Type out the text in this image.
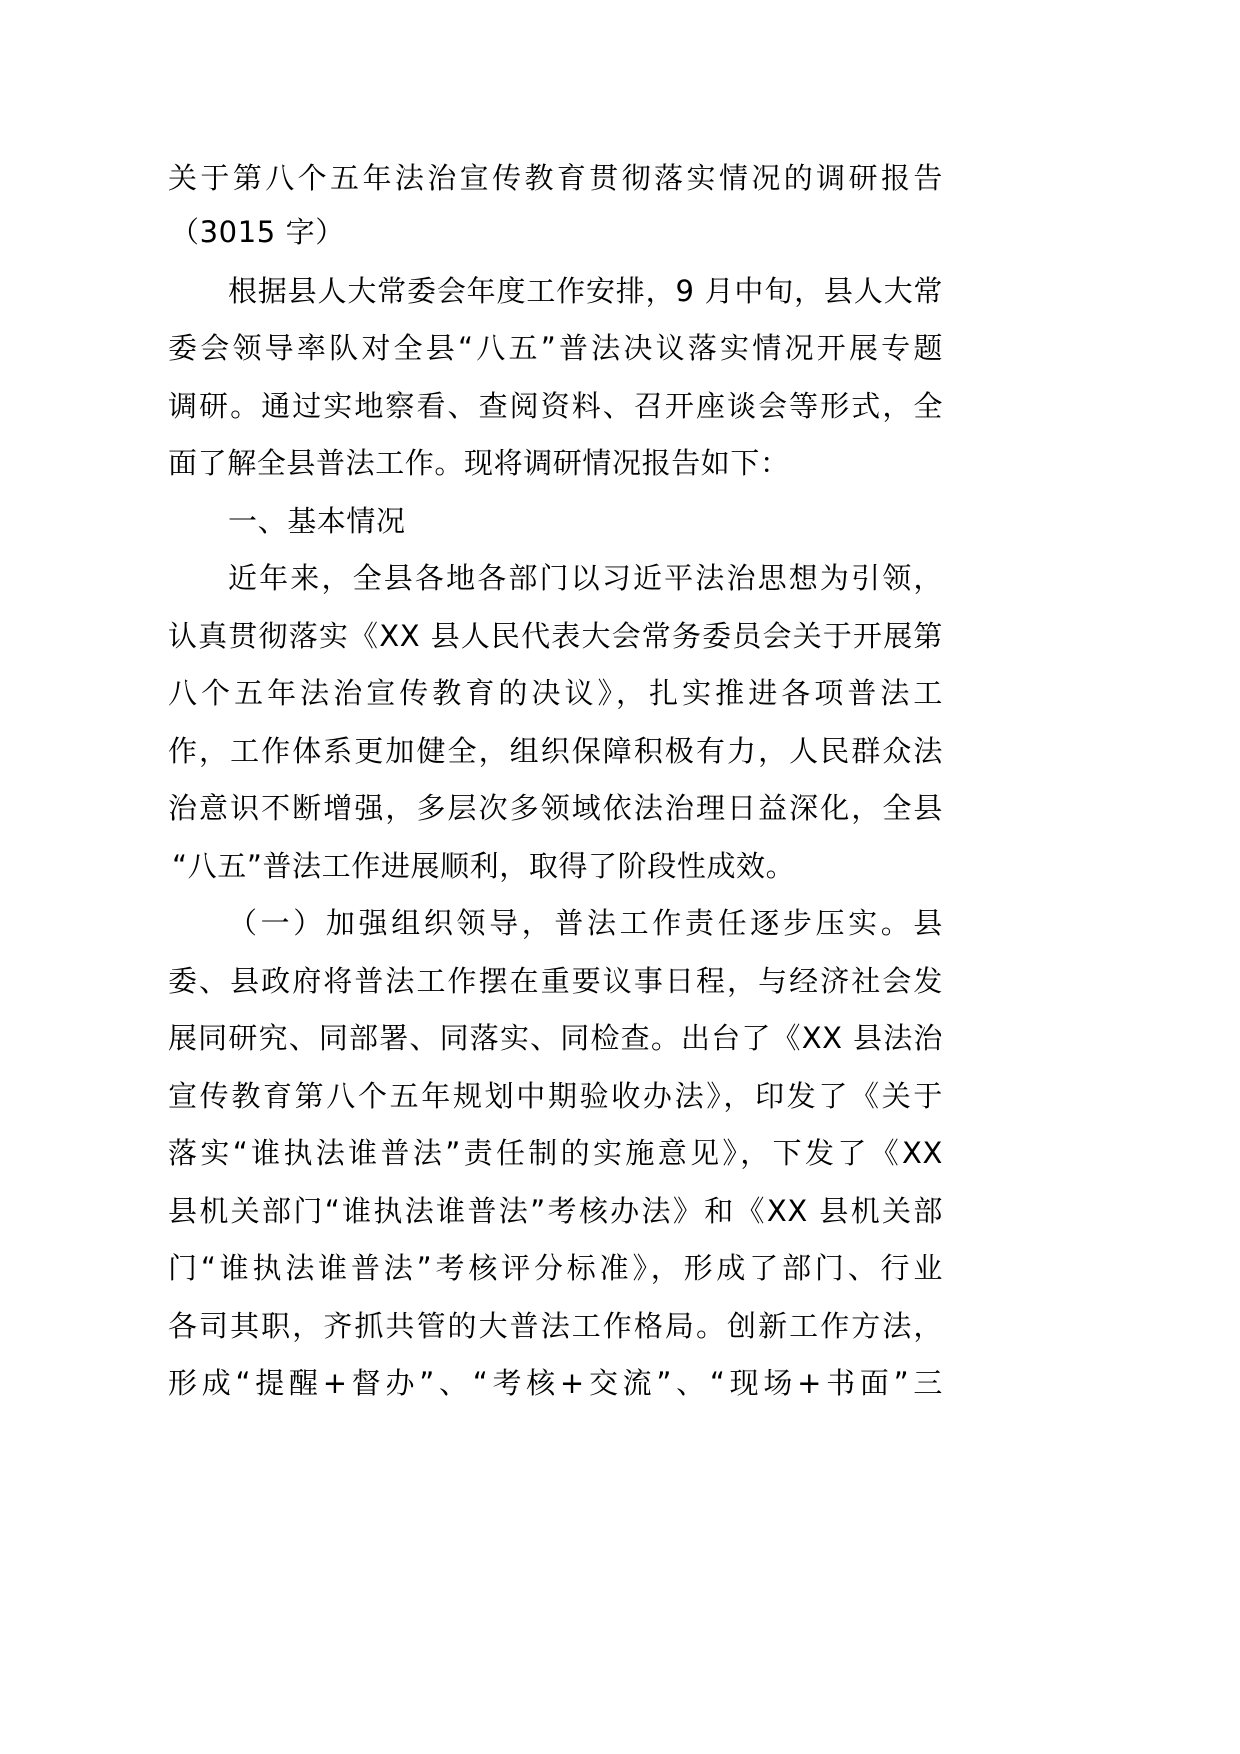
关于第八个五年法治宣传教育贯彻落实情况的调研报告
（3015 字）
根据县人大常委会年度工作安排，9 月中旬，县人大常
委会领导率队对全县“八五”普法决议落实情况开展专题
调研。通过实地察看、查阅资料、召开座谈会等形式，全
面了解全县普法工作。现将调研情况报告如下：
一、基本情况
近年来，全县各地各部门以习近平法治思想为引领，
认真贯彻落实《XX 县人民代表大会常务委员会关于开展第
八个五年法治宣传教育的决议》，扎实推进各项普法工
作，工作体系更加健全，组织保障积极有力，人民群众法
治意识不断增强，多层次多领域依法治理日益深化，全县
“八五”普法工作进展顺利，取得了阶段性成效。
（一）加强组织领导，普法工作责任逐步压实。县
委、县政府将普法工作摆在重要议事日程，与经济社会发
展同研究、同部署、同落实、同检查。出台了《XX 县法治
宣传教育第八个五年规划中期验收办法》，印发了《关于
落实“谁执法谁普法”责任制的实施意见》，下发了《XX
县机关部门“谁执法谁普法”考核办法》和《XX 县机关部
门“谁执法谁普法”考核评分标准》，形成了部门、行业
各司其职，齐抓共管的大普法工作格局。创新工作方法，
形成“提醒+督办”、“考核+交流”、“现场+书面”三
